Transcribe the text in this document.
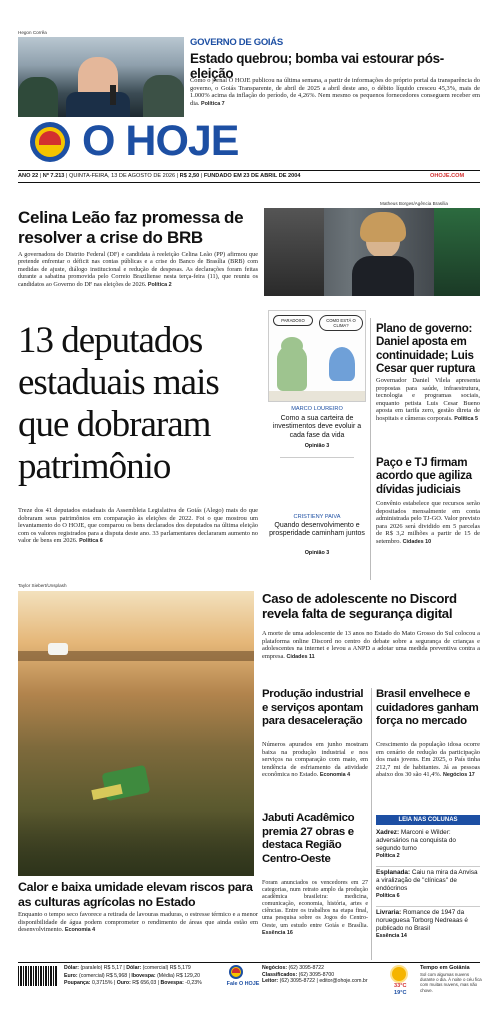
Hegon Corrêa
GOVERNO DE GOIÁS
Estado quebrou; bomba vai estourar pós-eleição
Como o jornal O HOJE publicou na última semana, a partir de informações do próprio portal da transparência do governo, o Goiás Transparente, de abril de 2025 a abril deste ano, o débito líquido cresceu 45,3%, mais de 1.000% acima da inflação do período, de 4,26%. Nem mesmo os pequenos fornecedores conseguem receber em dia. Política 7
O HOJE
ANO 22 | Nº 7.213 | QUINTA-FEIRA, 13 DE AGOSTO DE 2026 | R$ 2,50 | FUNDADO EM 23 DE ABRIL DE 2004	OHOJE.COM
Celina Leão faz promessa de resolver a crise do BRB
A governadora do Distrito Federal (DF) e candidata à reeleição Celina Leão (PP) afirmou que pretende enfrentar o déficit nas contas públicas e a crise do Banco de Brasília (BRB) com medidas de ajuste, diálogo institucional e redução de despesas. As declarações foram feitas durante a sabatina promovida pelo Correio Braziliense nesta terça-feira (11), que reuniu os candidatos ao Governo do DF nas eleições de 2026. Política 2
Matheus Borges/Agência Brasília
13 deputados estaduais mais que dobraram patrimônio
Treze dos 41 deputados estaduais da Assembleia Legislativa de Goiás (Alego) mais do que dobraram seus patrimônios em comparação às eleições de 2022. Foi o que mostrou um levantamento do O HOJE, que comparou os bens declarados dos deputados na última eleição com os valores registrados para a disputa deste ano. 33 parlamentares declararam aumento no valor de bens em 2026. Política 6
PARADOXO	COMO ESTÁ O CLIMA?
MARCO LOUREIRO
Como a sua carteira de investimentos deve evoluir a cada fase da vida
Opinião 3
CRISTIENY PAIVA
Quando desenvolvimento e prosperidade caminham juntos
Opinião 3
Plano de governo: Daniel aposta em continuidade; Luis Cesar quer ruptura
Governador Daniel Vilela apresenta propostas para saúde, infraestrutura, tecnologia e programas sociais, enquanto petista Luis Cesar Bueno aposta em tarifa zero, gestão direta de hospitais e câmeras corporais. Política 5
Paço e TJ firmam acordo que agiliza dívidas judiciais
Convênio estabelece que recursos serão depositados mensalmente em conta administrada pelo TJ-GO. Valor previsto para 2026 será dividido em 5 parcelas de R$ 3,2 milhões a partir de 15 de setembro. Cidades 10
Taylor Siebert/Unsplash
Calor e baixa umidade elevam riscos para as culturas agrícolas no Estado
Enquanto o tempo seco favorece a retirada de lavouras maduras, o estresse térmico e a menor disponibilidade de água podem comprometer o rendimento de áreas que ainda estão em desenvolvimento. Economia 4
Caso de adolescente no Discord revela falta de segurança digital
A morte de uma adolescente de 13 anos no Estado do Mato Grosso do Sul colocou a plataforma online Discord no centro do debate sobre a segurança de crianças e adolescentes na internet e levou a ANPD a adotar uma medida preventiva contra a empresa. Cidades 11
Produção industrial e serviços apontam para desaceleração
Números apurados em junho mostram baixa na produção industrial e nos serviços na comparação com maio, em tendência de esfriamento da atividade econômica no Estado. Economia 4
Brasil envelhece e cuidadores ganham força no mercado
Crescimento da população idosa ocorre em cenário de redução da participação dos mais jovens. Em 2025, o País tinha 212,7 mi de habitantes. Já as pessoas abaixo dos 30 são 41,4%. Negócios 17
Jabuti Acadêmico premia 27 obras e destaca Região Centro-Oeste
Foram anunciados os vencedores em 27 categorias, num retrato amplo da produção acadêmica brasileira: medicina, comunicação, economia, história, artes e ciências. Entre os trabalhos na etapa final, uma pesquisa sobre os Jogos do Centro-Oeste, um estudo entre Goiás e Brasília. Essência 16
LEIA NAS COLUNAS
Xadrez: Marconi e Wilder: adversários na conquista do segundo turno
Política 2
Esplanada: Caiu na mira da Anvisa a viralização de "clínicas" de endócrinos
Política 6
Livraria: Romance de 1947 da norueguesa Torborg Nedreaas é publicado no Brasil
Essência 14
Dólar: (paralelo) R$ 5,17 | Dólar: (comercial) R$ 5,179
Euro: (comercial) R$ 5,968 | Ibovespa: (Média) R$ 129,20
Poupança: 0,3715% | Ouro: R$ 656,03 | Bovespa: -0,23%	Fale O HOJE
Negócios: (62) 3095-8722
Classificados: (62) 3095-8700
Leitor: (62) 3095-8722 | editor@ohoje.com.br
33°C
19°C
Tempo em Goiânia
Sol com algumas nuvens durante o dia. À noite o céu fica com muitas nuvens, mas não chove.
